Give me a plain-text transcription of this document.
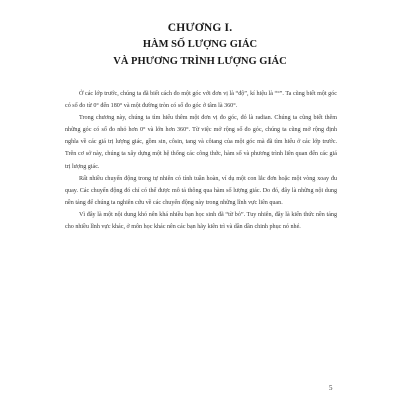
CHƯƠNG I.
HÀM SỐ LƯỢNG GIÁC
VÀ PHƯƠNG TRÌNH LƯỢNG GIÁC

Ở các lớp trước, chúng ta đã biết cách đo một góc với đơn vị là “độ”, kí hiệu là “°”. Ta cũng biết một góc có số đo từ 0° đến 180° và một đường tròn có số đo góc ở tâm là 360°.

Trong chương này, chúng ta tìm hiểu thêm một đơn vị đo góc, đó là radian. Chúng ta cũng biết thêm những góc có số đo nhỏ hơn 0° và lớn hơn 360°. Từ việc mở rộng số đo góc, chúng ta cũng mở rộng định nghĩa về các giá trị lượng giác, gồm sin, côsin, tang và côtang của một góc mà đã tìm hiểu ở các lớp trước. Trên cơ sở này, chúng ta xây dựng một hệ thống các công thức, hàm số và phương trình liên quan đến các giá trị lượng giác.

Rất nhiều chuyển động trong tự nhiên có tính tuần hoàn, ví dụ một con lắc đơn hoặc một vòng xoay đu quay. Các chuyển động đó chỉ có thể được mô tả thông qua hàm số lượng giác. Do đó, đây là những nội dung nền tảng để chúng ta nghiên cứu về các chuyển động này trong những lĩnh vực liên quan.

Vì đây là một nội dung khó nên khá nhiều bạn học sinh đã “từ bỏ”. Tuy nhiên, đây là kiến thức nền tảng cho nhiều lĩnh vực khác, ở môn học khác nên các bạn hãy kiên trì và dần dần chinh phục nó nhé.

5
